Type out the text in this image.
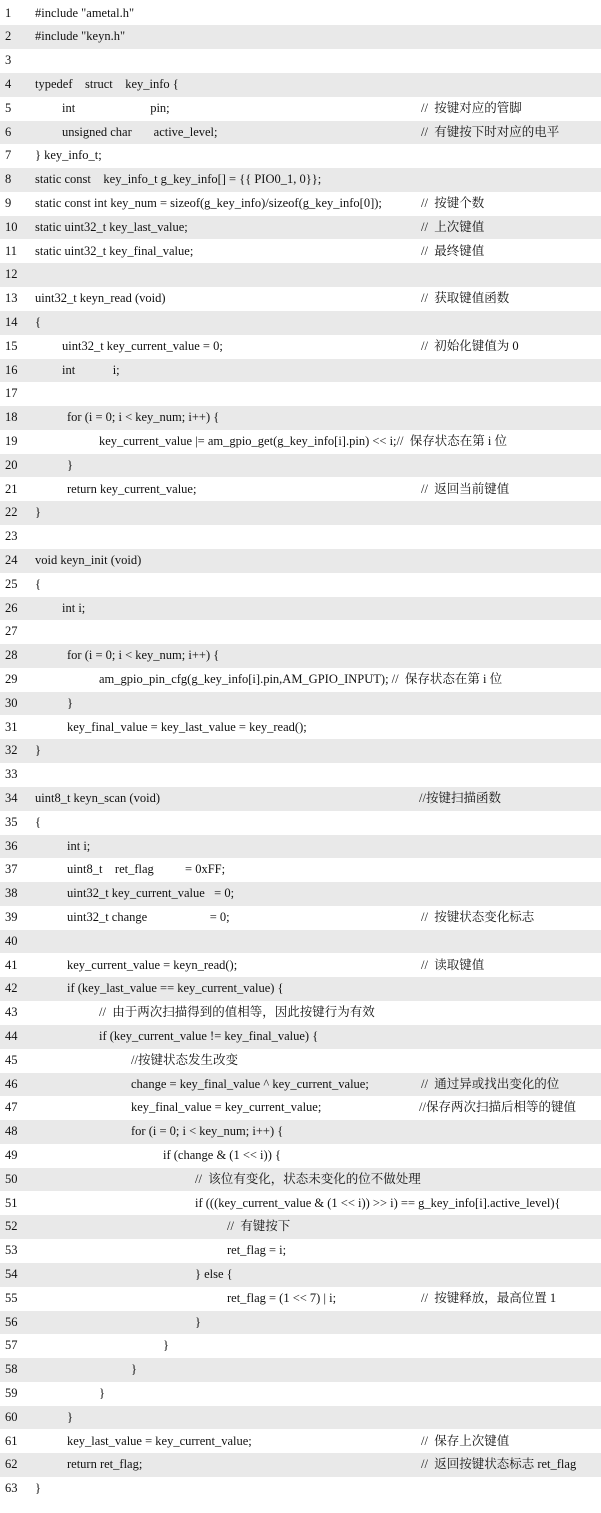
1	#include "ametal.h"
2	#include "keyn.h"
3
4	typedef    struct    key_info {
5	int                        pin;	//  按键对应的管脚
6	unsigned char       active_level;	//  有键按下时对应的电平
7	} key_info_t;
8	static const    key_info_t g_key_info[] = {{ PIO0_1, 0}};
9	static const int key_num = sizeof(g_key_info)/sizeof(g_key_info[0]);	//  按键个数
10	static uint32_t key_last_value;	//  上次键值
11	static uint32_t key_final_value;	//  最终键值
12
13	uint32_t keyn_read (void)	//  获取键值函数
14	{
15	uint32_t key_current_value = 0;	//  初始化键值为 0
16	int            i;
17
18	for (i = 0; i < key_num; i++) {
19	key_current_value |= am_gpio_get(g_key_info[i].pin) << i;//  保存状态在第 i 位
20	}
21	return key_current_value;	//  返回当前键值
22	}
23
24	void keyn_init (void)
25	{
26	int i;
27
28	for (i = 0; i < key_num; i++) {
29	am_gpio_pin_cfg(g_key_info[i].pin,AM_GPIO_INPUT); //  保存状态在第 i 位
30	}
31	key_final_value = key_last_value = key_read();
32	}
33
34	uint8_t keyn_scan (void)	//按键扫描函数
35	{
36	int i;
37	uint8_t    ret_flag          = 0xFF;
38	uint32_t key_current_value   = 0;
39	uint32_t change                    = 0;	//  按键状态变化标志
40
41	key_current_value = keyn_read();	//  读取键值
42	if (key_last_value == key_current_value) {
43	//  由于两次扫描得到的值相等，因此按键行为有效
44	if (key_current_value != key_final_value) {
45	//按键状态发生改变
46	change = key_final_value ^ key_current_value;	//  通过异或找出变化的位
47	key_final_value = key_current_value;	//保存两次扫描后相等的键值
48	for (i = 0; i < key_num; i++) {
49	if (change & (1 << i)) {
50	//  该位有变化，状态未变化的位不做处理
51	if (((key_current_value & (1 << i)) >> i) == g_key_info[i].active_level){
52	//  有键按下
53	ret_flag = i;
54	} else {
55	ret_flag = (1 << 7) | i;	//  按键释放，最高位置 1
56	}
57	}
58	}
59	}
60	}
61	key_last_value = key_current_value;	//  保存上次键值
62	return ret_flag;	//  返回按键状态标志 ret_flag
63	}
